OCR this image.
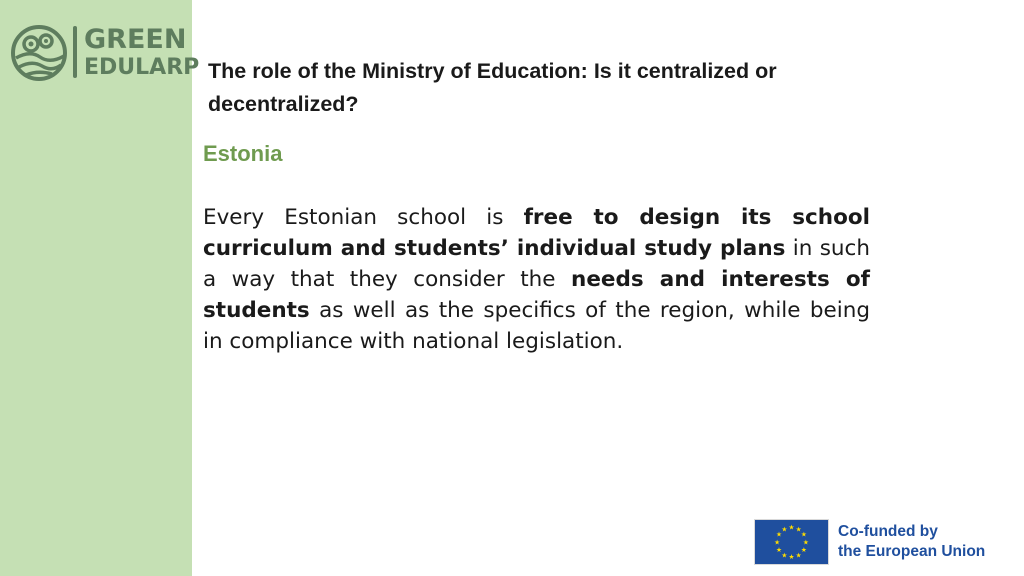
GREEN
EDULARP The role of the Ministry of Education: Is it centralized or decentralized?
Estonia

Every Estonian school is free to design its school curriculum and students’ individual study plans in such a way that they consider the needs and interests of students as well as the specifics of the region, while being in compliance with national legislation.

★ ★
★
★
★
★
★
★
★
★
★
★	Co-funded by
the European Union
